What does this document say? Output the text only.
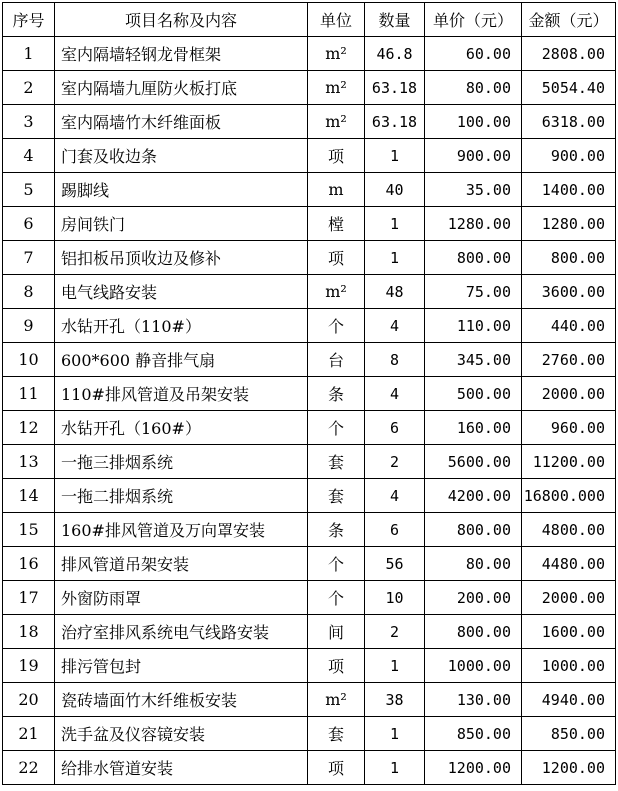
序号	项目名称及内容	单位	数量	单价（元）	金额（元）
1	室内隔墙轻钢龙骨框架	m²	46.8	60.00	2808.00
2	室内隔墙九厘防火板打底	m²	63.18	80.00	5054.40
3	室内隔墙竹木纤维面板	m²	63.18	100.00	6318.00
4	门套及收边条	项	1	900.00	900.00
5	踢脚线	m	40	35.00	1400.00
6	房间铁门	樘	1	1280.00	1280.00
7	铝扣板吊顶收边及修补	项	1	800.00	800.00
8	电气线路安装	m²	48	75.00	3600.00
9	水钻开孔（110#）	个	4	110.00	440.00
10	600*600 静音排气扇	台	8	345.00	2760.00
11	110#排风管道及吊架安装	条	4	500.00	2000.00
12	水钻开孔（160#）	个	6	160.00	960.00
13	一拖三排烟系统	套	2	5600.00	11200.00
14	一拖二排烟系统	套	4	4200.00	16800.000
15	160#排风管道及万向罩安装	条	6	800.00	4800.00
16	排风管道吊架安装	个	56	80.00	4480.00
17	外窗防雨罩	个	10	200.00	2000.00
18	治疗室排风系统电气线路安装	间	2	800.00	1600.00
19	排污管包封	项	1	1000.00	1000.00
20	瓷砖墙面竹木纤维板安装	m²	38	130.00	4940.00
21	洗手盆及仪容镜安装	套	1	850.00	850.00
22	给排水管道安装	项	1	1200.00	1200.00
